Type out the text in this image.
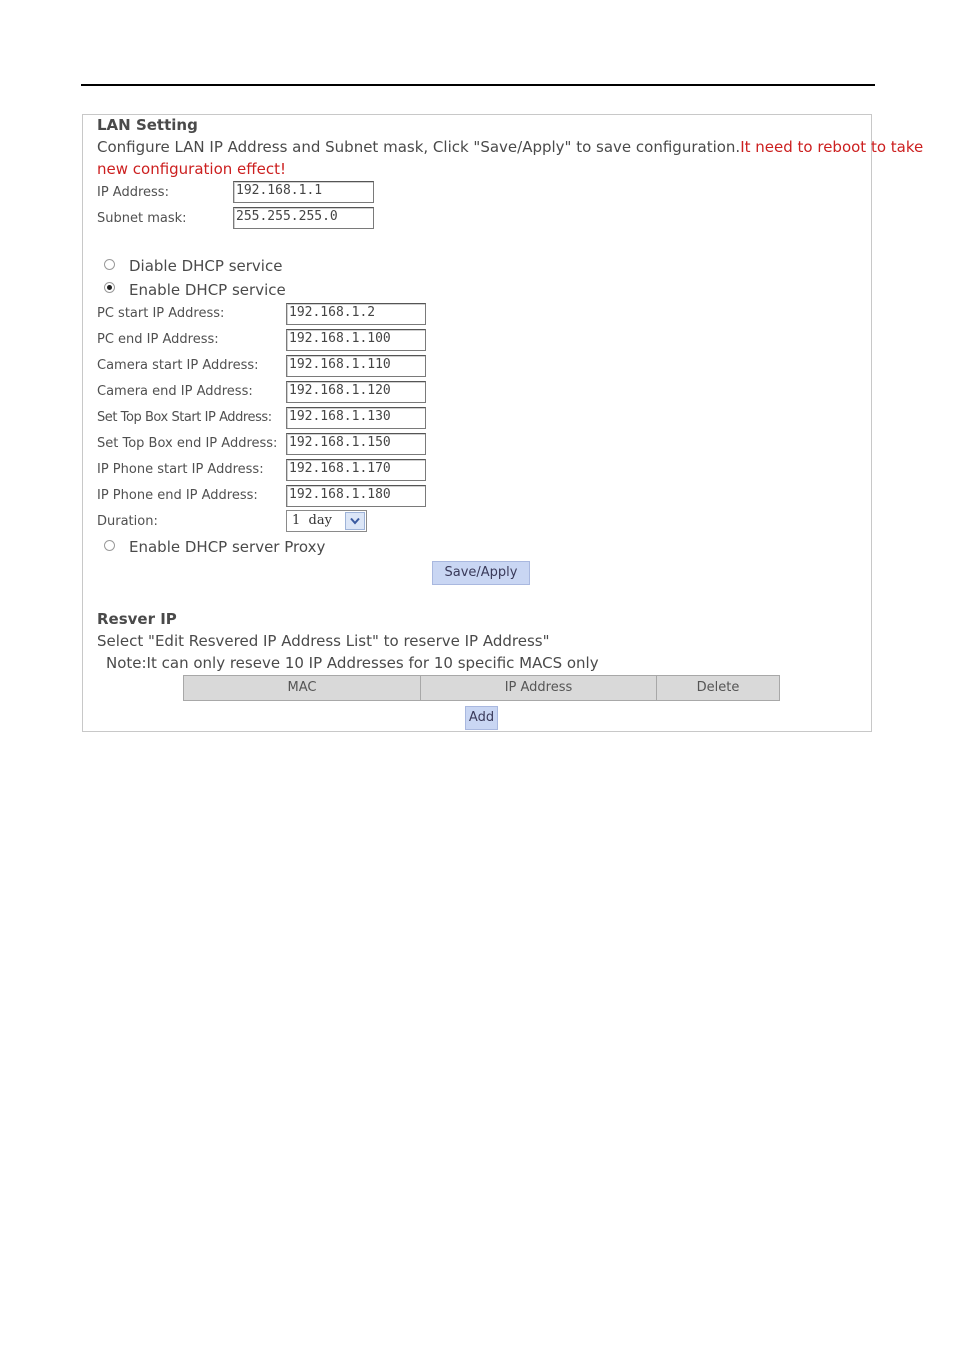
LAN Setting
Configure LAN IP Address and Subnet mask, Click "Save/Apply" to save configuration.It need to reboot to take
new configuration effect!
IP Address:	192.168.1.1
Subnet mask:	255.255.255.0
Diable DHCP service
Enable DHCP service
PC start IP Address:	192.168.1.2
PC end IP Address:	192.168.1.100
Camera start IP Address: 192.168.1.110
Camera end IP Address:	192.168.1.120
Set Top Box Start IP Address: 192.168.1.130
Set Top Box end IP Address: 192.168.1.150
IP Phone start IP Address: 192.168.1.170
IP Phone end IP Address: 192.168.1.180
Duration:	1  day
Enable DHCP server Proxy
Save/Apply
Resver IP
Select "Edit Resvered IP Address List" to reserve IP Address"
Note:It can only reseve 10 IP Addresses for 10 specific MACS only
MAC	IP Address	Delete
Add
